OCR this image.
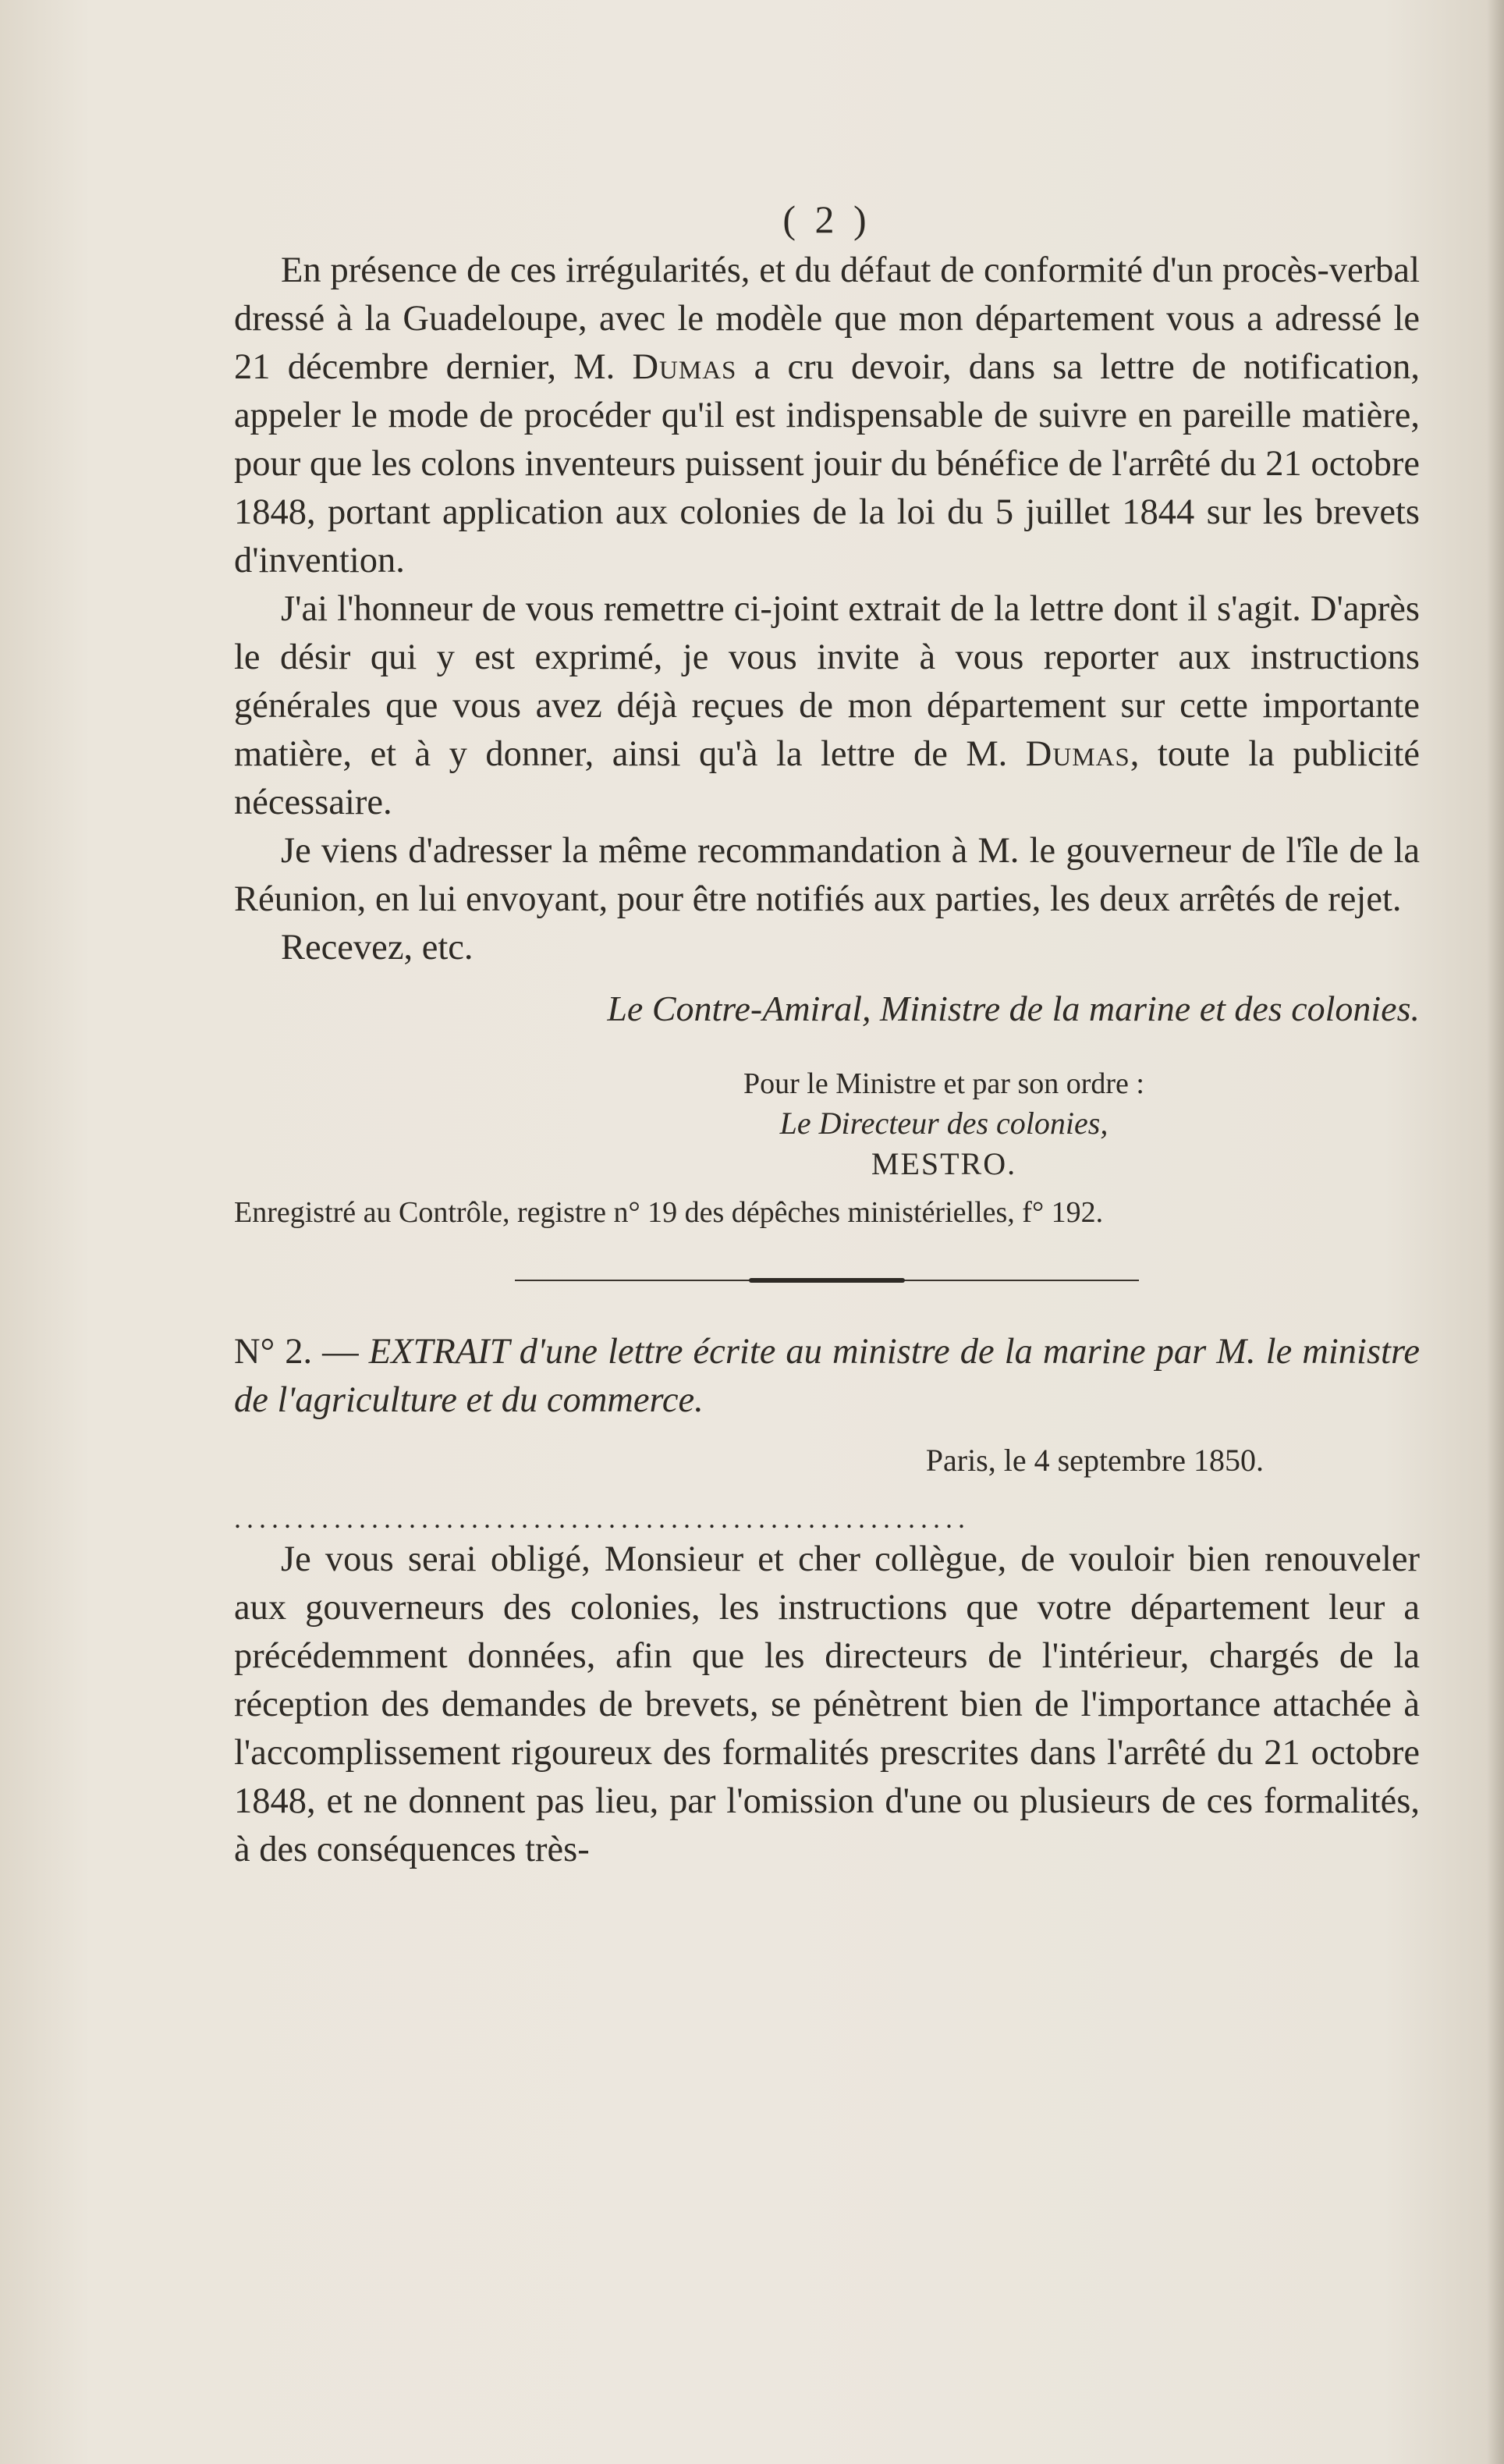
( 2 )

En présence de ces irrégularités, et du défaut de conformité d'un procès-verbal dressé à la Guadeloupe, avec le modèle que mon département vous a adressé le 21 décembre dernier, M. Dumas a cru devoir, dans sa lettre de notification, appeler le mode de procéder qu'il est indispensable de suivre en pareille matière, pour que les colons inventeurs puissent jouir du bénéfice de l'arrêté du 21 octobre 1848, portant application aux colonies de la loi du 5 juillet 1844 sur les brevets d'invention.

J'ai l'honneur de vous remettre ci-joint extrait de la lettre dont il s'agit. D'après le désir qui y est exprimé, je vous invite à vous reporter aux instructions générales que vous avez déjà reçues de mon département sur cette importante matière, et à y donner, ainsi qu'à la lettre de M. Dumas, toute la publicité nécessaire.

Je viens d'adresser la même recommandation à M. le gouverneur de l'île de la Réunion, en lui envoyant, pour être notifiés aux parties, les deux arrêtés de rejet.

Recevez, etc.

Le Contre-Amiral, Ministre de la marine et des colonies.
Pour le Ministre et par son ordre :
Le Directeur des colonies,
MESTRO.
Enregistré au Contrôle, registre n° 19 des dépêches ministérielles, f° 192.

N° 2. — EXTRAIT d'une lettre écrite au ministre de la marine par M. le ministre de l'agriculture et du commerce.

Paris, le 4 septembre 1850.
...........................................................

Je vous serai obligé, Monsieur et cher collègue, de vouloir bien renouveler aux gouverneurs des colonies, les instructions que votre département leur a précédemment données, afin que les directeurs de l'intérieur, chargés de la réception des demandes de brevets, se pénètrent bien de l'importance attachée à l'accomplissement rigoureux des formalités prescrites dans l'arrêté du 21 octobre 1848, et ne donnent pas lieu, par l'omission d'une ou plusieurs de ces formalités, à des conséquences très-
